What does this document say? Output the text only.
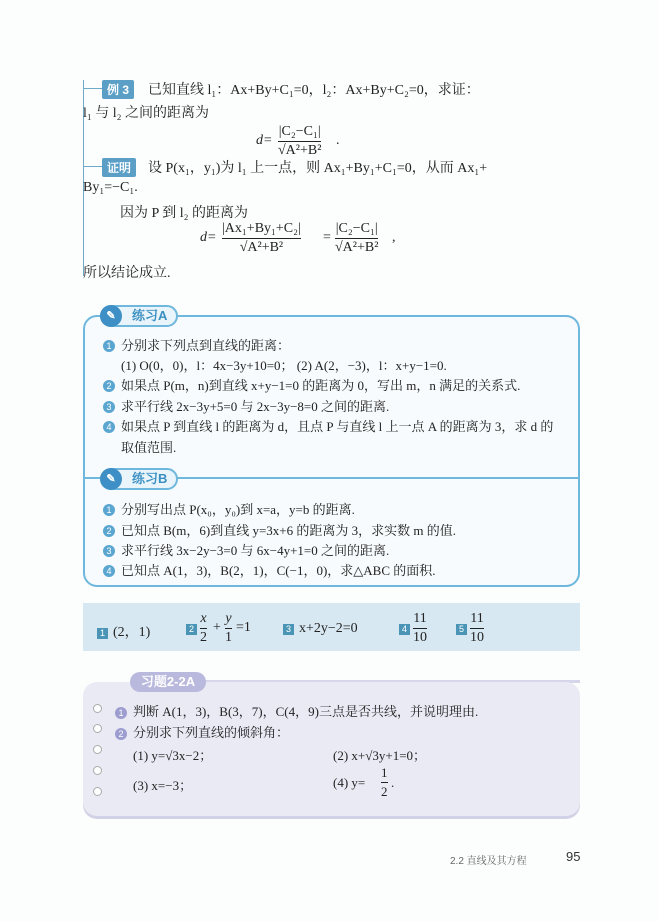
例 3	已知直线 l₁：Ax+By+C₁=0，l₂：Ax+By+C₂=0，求证：
l₁ 与 l₂ 之间的距离为
d=
|C₂−C₁|
√A²+B²
.
证明	设 P(x₁，y₁)为 l₁ 上一点，则 Ax₁+By₁+C₁=0，从而 Ax₁+
By₁=−C₁.
因为 P 到 l₂ 的距离为
d=
|Ax₁+By₁+C₂|
√A²+B²
=
|C₂−C₁|
√A²+B²
,
所以结论成立.
✎	练习A
✎	练习B
1 分别求下列点到直线的距离：
(1) O(0，0)，l：4x−3y+10=0； (2) A(2，−3)，l：x+y−1=0.
2 如果点 P(m，n)到直线 x+y−1=0 的距离为 0，写出 m，n 满足的关系式.
3 求平行线 2x−3y+5=0 与 2x−3y−8=0 之间的距离.
4 如果点 P 到直线 l 的距离为 d，且点 P 与直线 l 上一点 A 的距离为 3，求 d 的
取值范围.
1 分别写出点 P(x₀，y₀)到 x=a，y=b 的距离.
2 已知点 B(m，6)到直线 y=3x+6 的距离为 3，求实数 m 的值.
3 求平行线 3x−2y−3=0 与 6x−4y+1=0 之间的距离.
4 已知点 A(1，3)，B(2，1)，C(−1，0)，求△ABC 的面积.
1 (2，1)	2
x
2
+
y
1
=1	3 x+2y−2=0	4
11
10
5
11
10
习题2-2A
1 判断 A(1，3)，B(3，7)，C(4，9)三点是否共线，并说明理由.
2 分别求下列直线的倾斜角：
(1) y=√3x−2；	(2) x+√3y+1=0；
(3) x=−3；	(4) y=
1
2
.
2.2 直线及其方程	95
